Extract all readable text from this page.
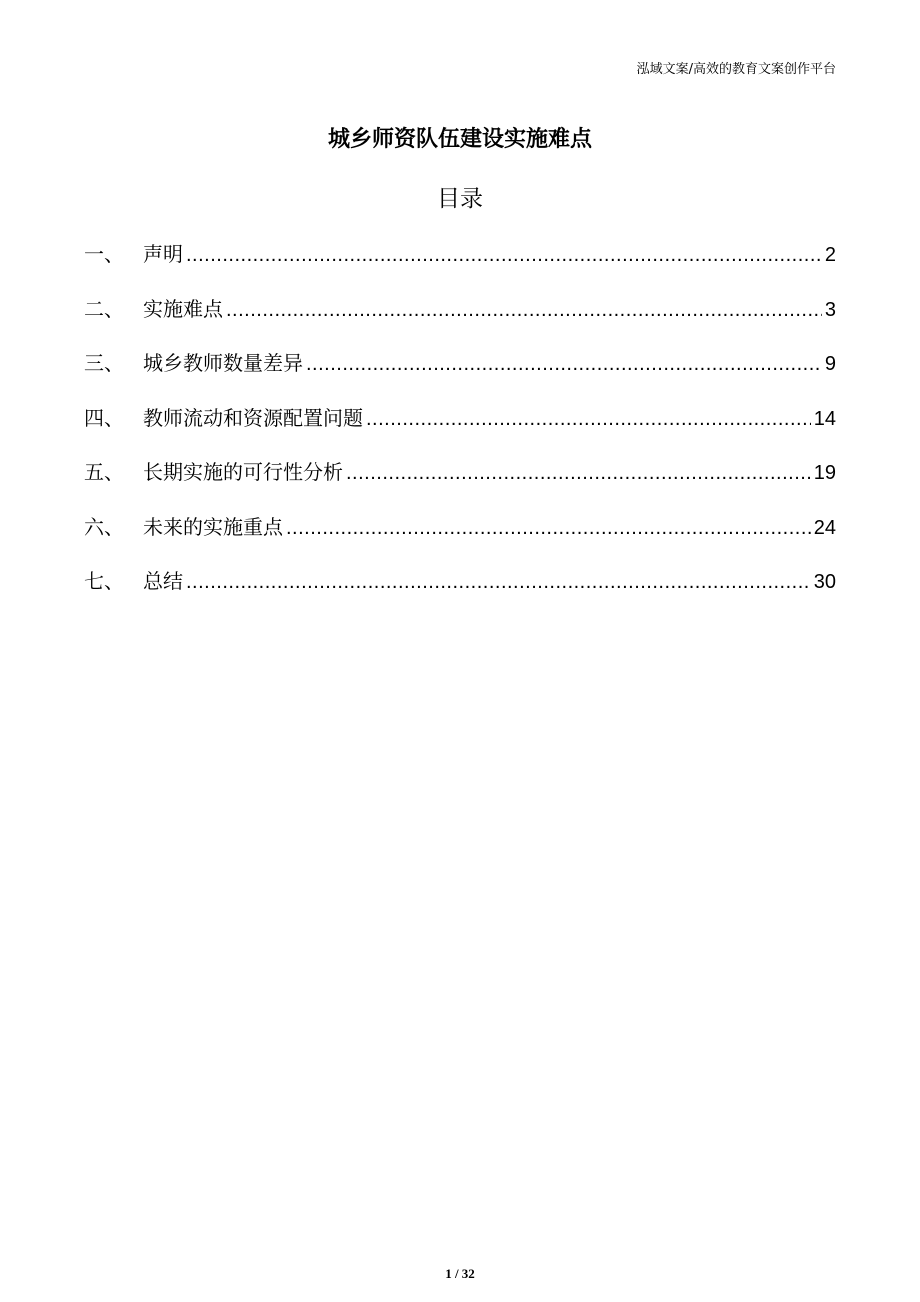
泓域文案/高效的教育文案创作平台
城乡师资队伍建设实施难点
目录
一、 声明 .....	2
二、 实施难点 .....	3
三、 城乡教师数量差异 .....	9
四、 教师流动和资源配置问题 .....	14
五、 长期实施的可行性分析 .....	19
六、 未来的实施重点 .....	24
七、 总结 .....	30
1 / 32
